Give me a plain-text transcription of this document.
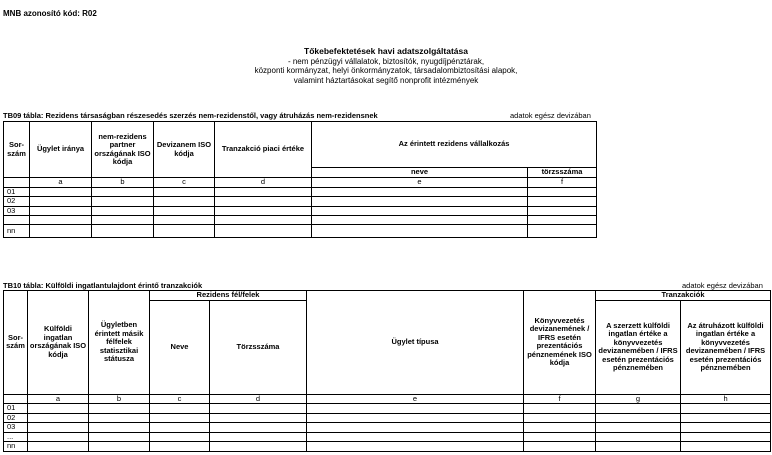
MNB azonosító kód: R02
Tőkebefektetések havi adatszolgáltatása
- nem pénzügyi vállalatok, biztosítók, nyugdíjpénztárak,
központi kormányzat, helyi önkormányzatok, társadalombiztosítási alapok,
valamint háztartásokat segítő nonprofit intézmények
TB09 tábla: Rezidens társaságban részesedés szerzés nem-rezidenstől, vagy átruházás nem-rezidensnek	adatok egész devizában
Sor-szám	Ügylet iránya	nem-rezidens partner országának ISO kódja	Devizanem ISO kódja	Tranzakció piaci értéke	Az érintett rezidens vállalkozás	
					neve	törzsszáma
	a	b	c	d	e	f
01						
02						
03						

nn						
TB10 tábla: Külföldi ingatlantulajdont érintő tranzakciók	adatok egész devizában
Sor-szám	Külföldi ingatlan országának ISO kódja	Ügyletben érintett másik félfelek statisztikai státusza	Rezidens fél/felek		Ügylet típusa	Könyvvezetés devizanemének / IFRS esetén prezentációs pénznemének ISO kódja	Tranzakciók	
			Neve	Törzsszáma			A szerzett külföldi ingatlan értéke a könyvvezetés devizanemében / IFRS esetén prezentációs pénznemében	Az átruházott külföldi ingatlan értéke a könyvvezetés devizanemében / IFRS esetén prezentációs pénznemében
	a	b	c	d	e	f	g	h
01								
02								
03								
...								
nn								
